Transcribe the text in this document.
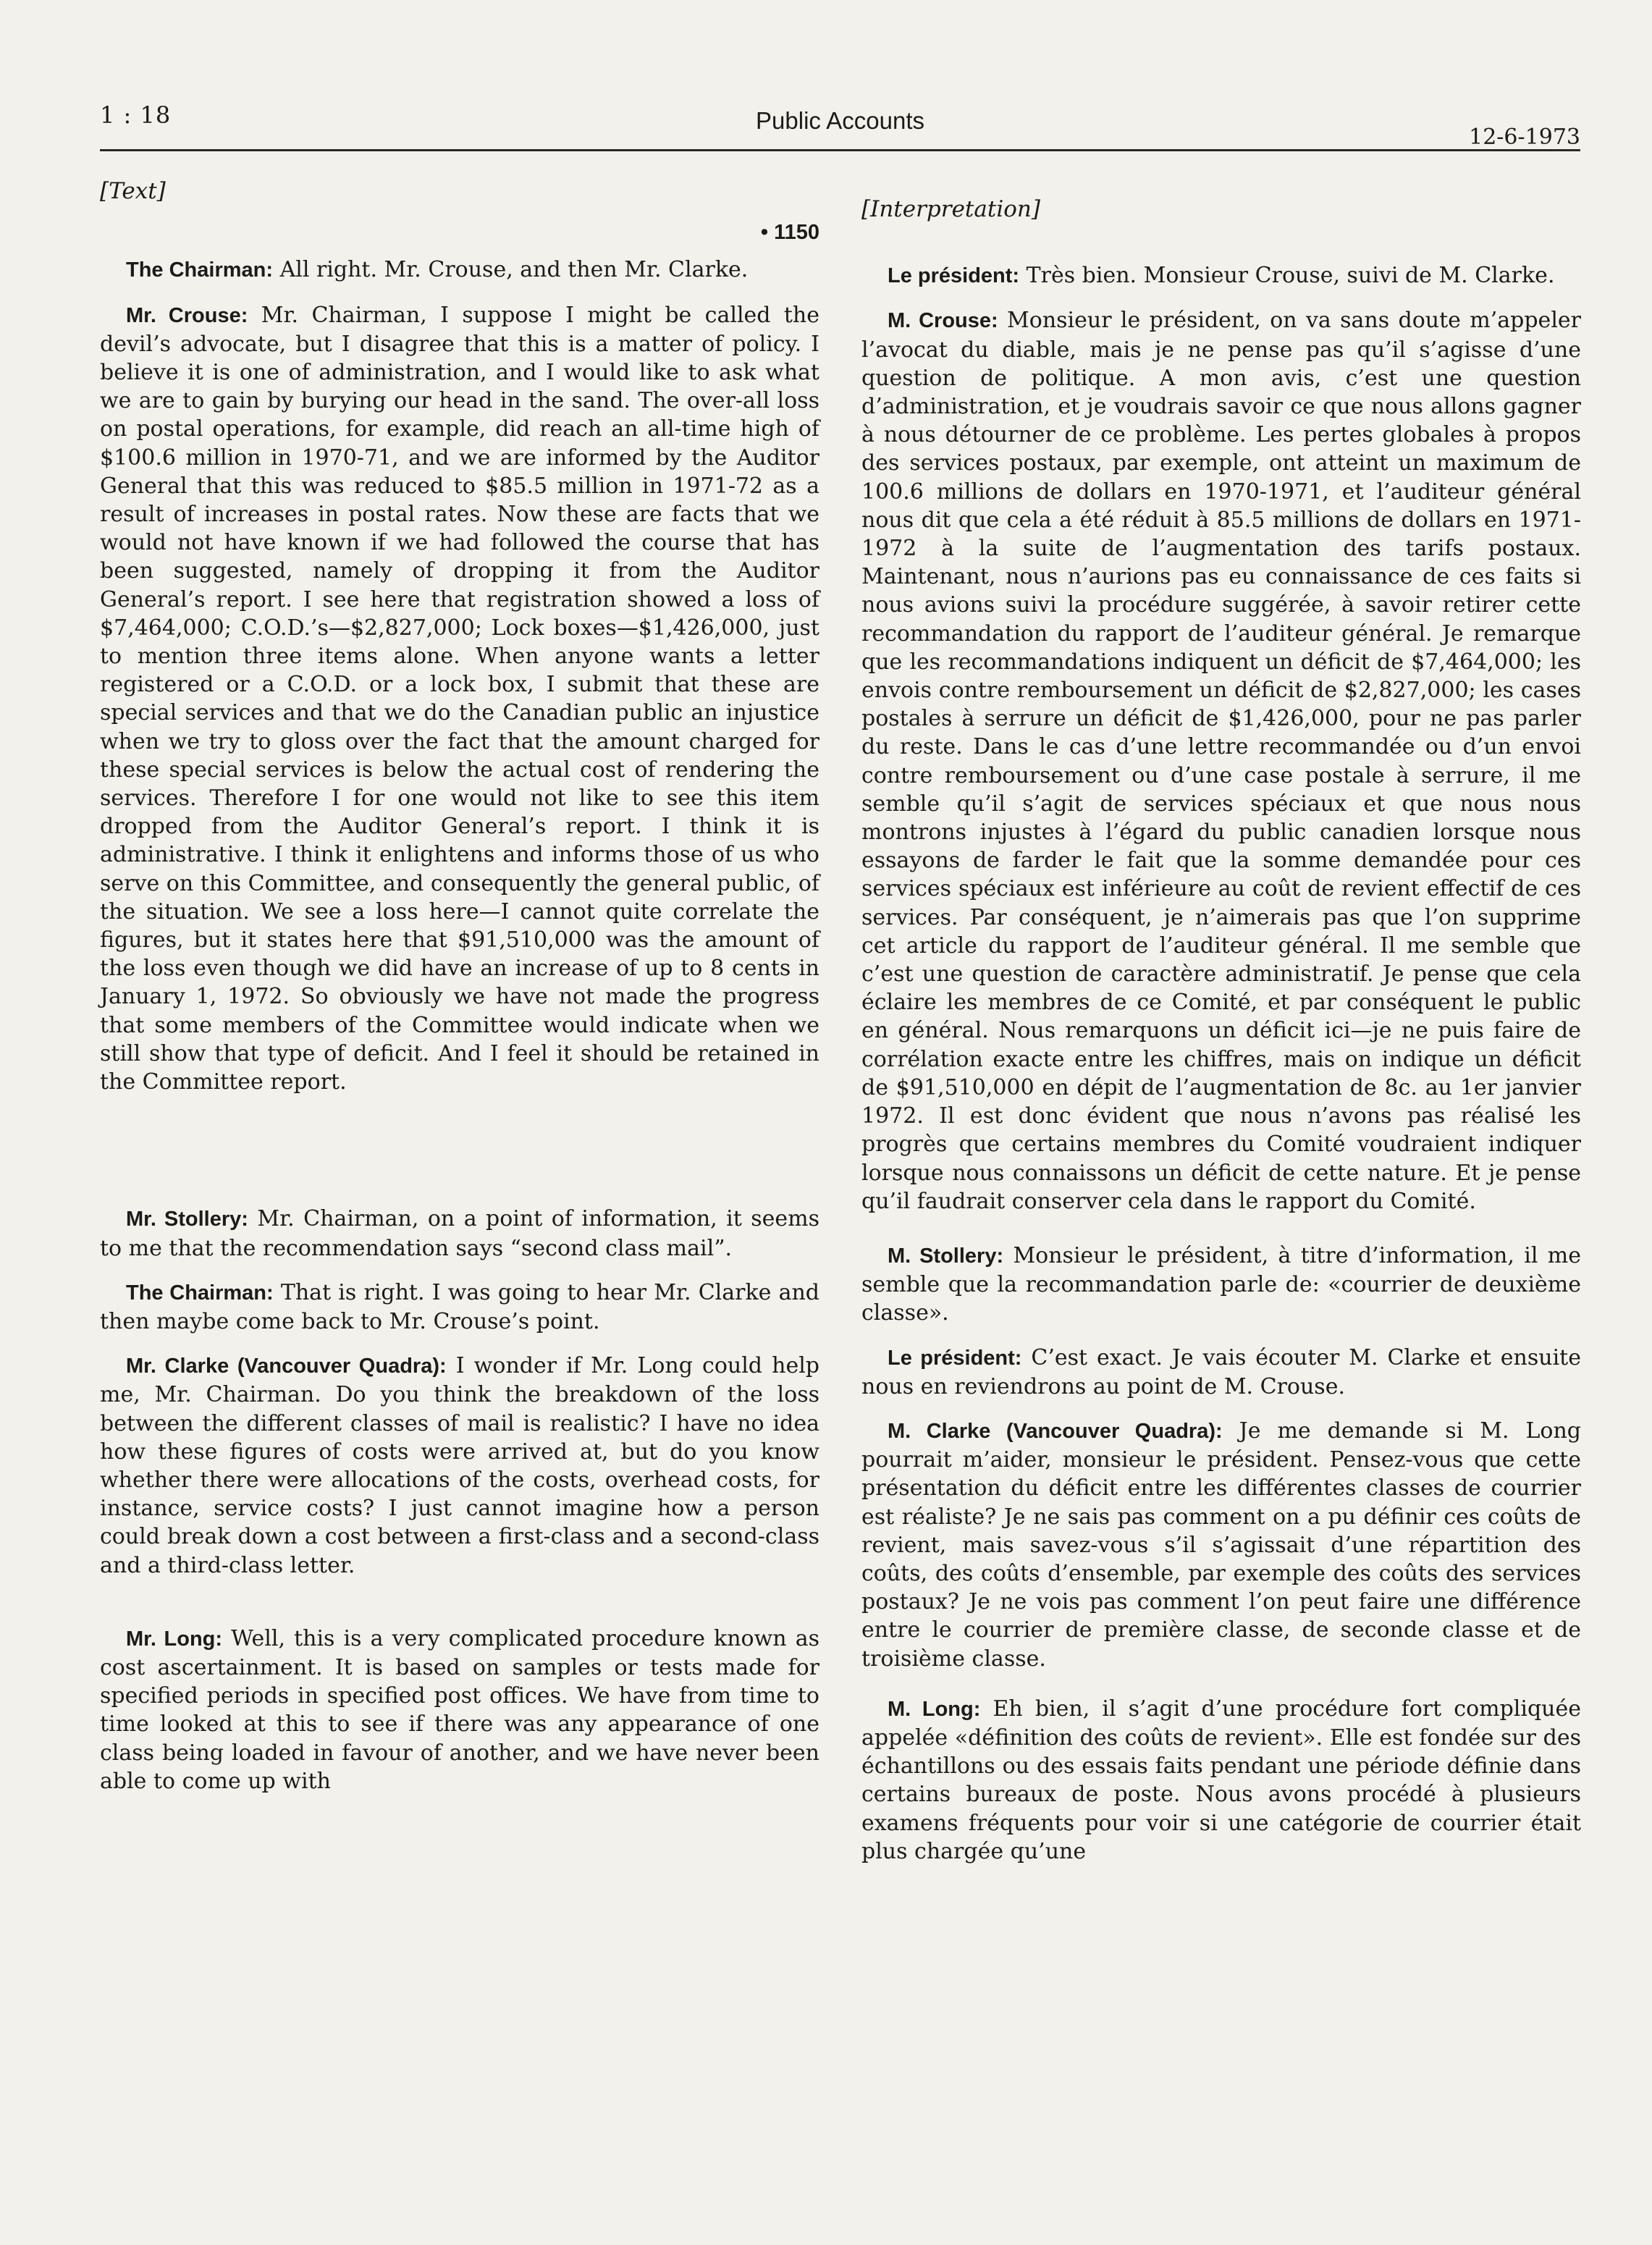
1 : 18	Public Accounts
12-6-1973
[Text]
• 1150

The Chairman: All right. Mr. Crouse, and then Mr. Clarke.

Mr. Crouse: Mr. Chairman, I suppose I might be called the devil’s advocate, but I disagree that this is a matter of policy. I believe it is one of administration, and I would like to ask what we are to gain by burying our head in the sand. The over-all loss on postal operations, for example, did reach an all-time high of $100.6 million in 1970-71, and we are informed by the Auditor General that this was reduced to $85.5 million in 1971-72 as a result of increases in postal rates. Now these are facts that we would not have known if we had followed the course that has been suggested, namely of dropping it from the Auditor General’s report. I see here that registration showed a loss of $7,464,000; C.O.D.’s—$2,827,000; Lock boxes—$1,426,000, just to mention three items alone. When anyone wants a letter registered or a C.O.D. or a lock box, I submit that these are special services and that we do the Canadian public an injustice when we try to gloss over the fact that the amount charged for these special services is below the actual cost of rendering the services. Therefore I for one would not like to see this item dropped from the Auditor General’s report. I think it is administrative. I think it enlightens and informs those of us who serve on this Committee, and consequently the general public, of the situation. We see a loss here—I cannot quite correlate the figures, but it states here that $91,510,000 was the amount of the loss even though we did have an increase of up to 8 cents in January 1, 1972. So obviously we have not made the progress that some members of the Committee would indicate when we still show that type of deficit. And I feel it should be retained in the Committee report.

Mr. Stollery: Mr. Chairman, on a point of information, it seems to me that the recommendation says “second class mail”.

The Chairman: That is right. I was going to hear Mr. Clarke and then maybe come back to Mr. Crouse’s point.

Mr. Clarke (Vancouver Quadra): I wonder if Mr. Long could help me, Mr. Chairman. Do you think the breakdown of the loss between the different classes of mail is realistic? I have no idea how these figures of costs were arrived at, but do you know whether there were allocations of the costs, overhead costs, for instance, service costs? I just cannot imagine how a person could break down a cost between a first-class and a second-class and a third-class letter.

Mr. Long: Well, this is a very complicated procedure known as cost ascertainment. It is based on samples or tests made for specified periods in specified post offices. We have from time to time looked at this to see if there was any appearance of one class being loaded in favour of another, and we have never been able to come up with

[Interpretation]

Le président: Très bien. Monsieur Crouse, suivi de M. Clarke.

M. Crouse: Monsieur le président, on va sans doute m’appeler l’avocat du diable, mais je ne pense pas qu’il s’agisse d’une question de politique. A mon avis, c’est une question d’administration, et je voudrais savoir ce que nous allons gagner à nous détourner de ce problème. Les pertes globales à propos des services postaux, par exemple, ont atteint un maximum de 100.6 millions de dollars en 1970-1971, et l’auditeur général nous dit que cela a été réduit à 85.5 millions de dollars en 1971-1972 à la suite de l’augmentation des tarifs postaux. Maintenant, nous n’aurions pas eu connaissance de ces faits si nous avions suivi la procédure suggérée, à savoir retirer cette recommandation du rapport de l’auditeur général. Je remarque que les recommandations indiquent un déficit de $7,464,000; les envois contre remboursement un déficit de $2,827,000; les cases postales à serrure un déficit de $1,426,000, pour ne pas parler du reste. Dans le cas d’une lettre recommandée ou d’un envoi contre remboursement ou d’une case postale à serrure, il me semble qu’il s’agit de services spéciaux et que nous nous montrons injustes à l’égard du public canadien lorsque nous essayons de farder le fait que la somme demandée pour ces services spéciaux est inférieure au coût de revient effectif de ces services. Par conséquent, je n’aimerais pas que l’on supprime cet article du rapport de l’auditeur général. Il me semble que c’est une question de caractère administratif. Je pense que cela éclaire les membres de ce Comité, et par conséquent le public en général. Nous remarquons un déficit ici—je ne puis faire de corrélation exacte entre les chiffres, mais on indique un déficit de $91,510,000 en dépit de l’augmentation de 8c. au 1er janvier 1972. Il est donc évident que nous n’avons pas réalisé les progrès que certains membres du Comité voudraient indiquer lorsque nous connaissons un déficit de cette nature. Et je pense qu’il faudrait conserver cela dans le rapport du Comité.

M. Stollery: Monsieur le président, à titre d’information, il me semble que la recommandation parle de: «courrier de deuxième classe».

Le président: C’est exact. Je vais écouter M. Clarke et ensuite nous en reviendrons au point de M. Crouse.

M. Clarke (Vancouver Quadra): Je me demande si M. Long pourrait m’aider, monsieur le président. Pensez-vous que cette présentation du déficit entre les différentes classes de courrier est réaliste? Je ne sais pas comment on a pu définir ces coûts de revient, mais savez-vous s’il s’agissait d’une répartition des coûts, des coûts d’ensemble, par exemple des coûts des services postaux? Je ne vois pas comment l’on peut faire une différence entre le courrier de première classe, de seconde classe et de troisième classe.

M. Long: Eh bien, il s’agit d’une procédure fort compliquée appelée «définition des coûts de revient». Elle est fondée sur des échantillons ou des essais faits pendant une période définie dans certains bureaux de poste. Nous avons procédé à plusieurs examens fréquents pour voir si une catégorie de courrier était plus chargée qu’une
